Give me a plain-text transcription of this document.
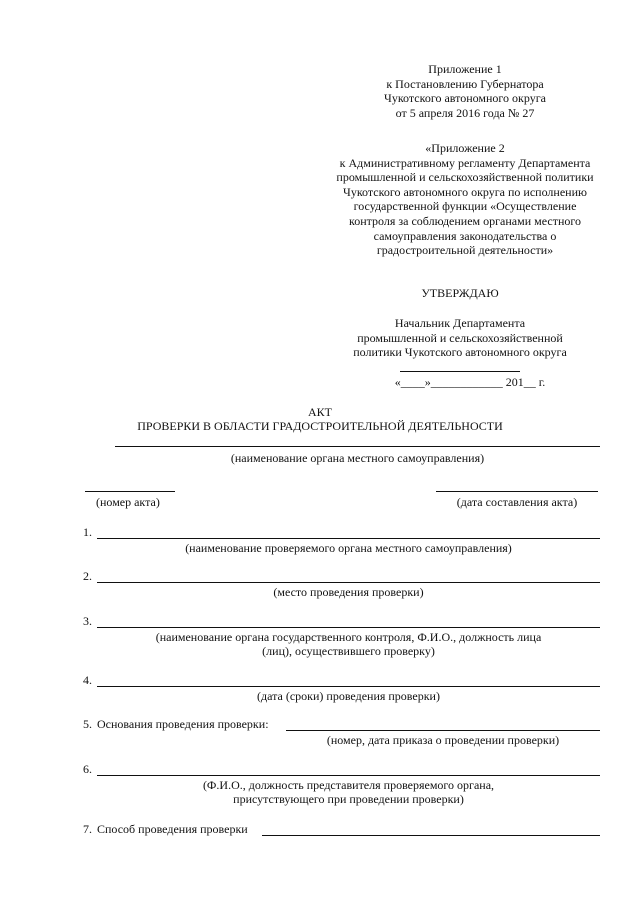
Приложение 1
к Постановлению Губернатора
Чукотского автономного округа
от 5 апреля 2016 года № 27
«Приложение 2
к Административному регламенту Департамента
промышленной и сельскохозяйственной политики
Чукотского автономного округа по исполнению
государственной функции «Осуществление
контроля за соблюдением органами местного
самоуправления законодательства о
градостроительной деятельности»
УТВЕРЖДАЮ
Начальник Департамента
промышленной и сельскохозяйственной
политики Чукотского автономного округа
«____»____________ 201__ г.
АКТ
ПРОВЕРКИ В ОБЛАСТИ ГРАДОСТРОИТЕЛЬНОЙ ДЕЯТЕЛЬНОСТИ
(наименование органа местного самоуправления)
(номер акта)	(дата составления акта)
1.
(наименование проверяемого органа местного самоуправления)
2.
(место проведения проверки)
3.
(наименование органа государственного контроля, Ф.И.О., должность лица
(лиц), осуществившего проверку)
4.
(дата (сроки) проведения проверки)
5. Основания проведения проверки:
(номер, дата приказа о проведении проверки)
6.
(Ф.И.О., должность представителя проверяемого органа,
присутствующего при проведении проверки)
7. Способ проведения проверки
